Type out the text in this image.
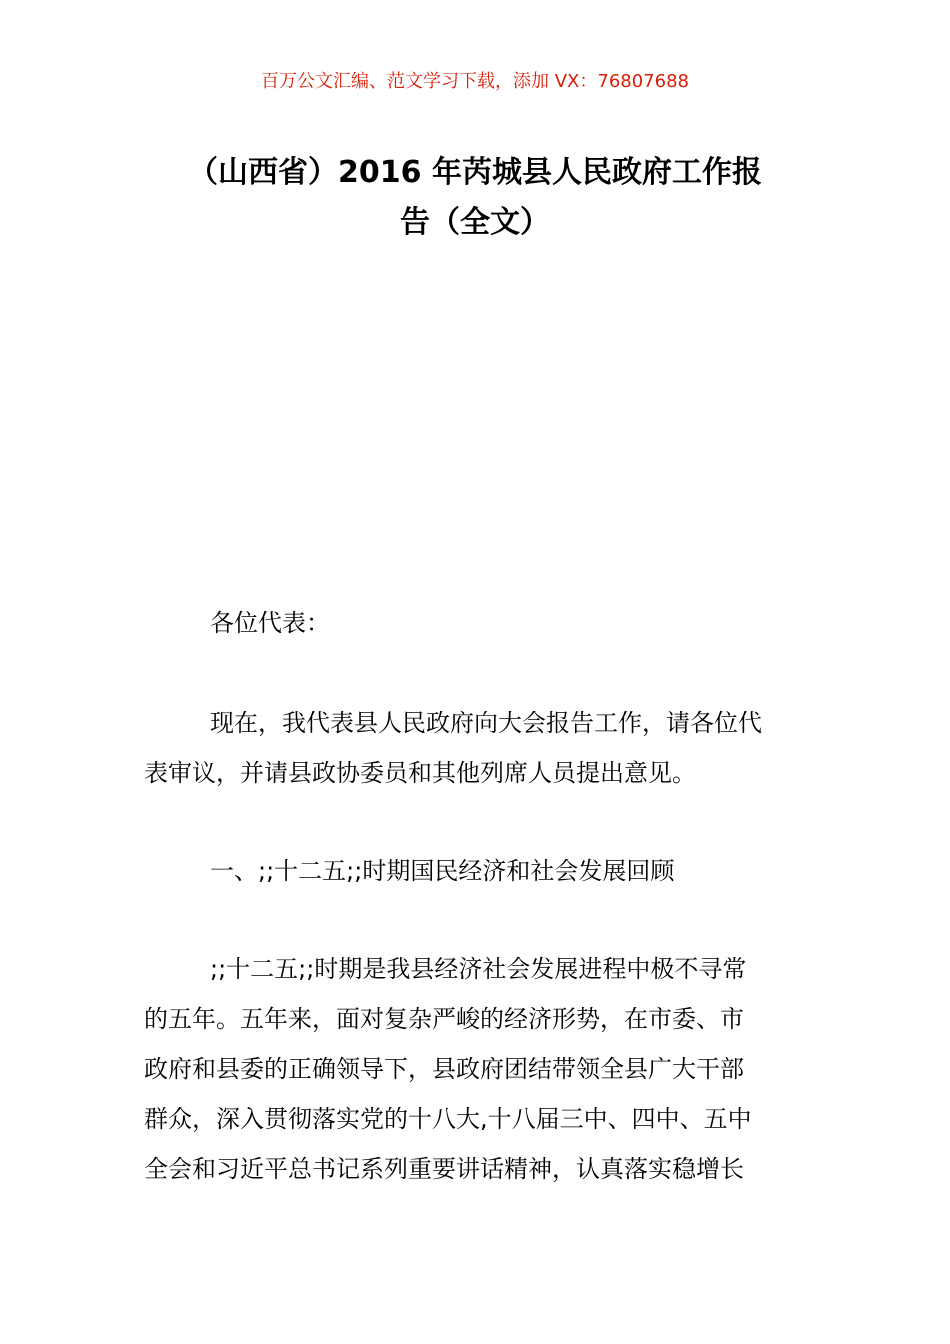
百万公文汇编、范文学习下载，添加 VX：76807688
（山西省）2016 年芮城县人民政府工作报
告（全文）
各位代表：
现在，我代表县人民政府向大会报告工作，请各位代
表审议，并请县政协委员和其他列席人员提出意见。
一、;;十二五;;时期国民经济和社会发展回顾
;;十二五;;时期是我县经济社会发展进程中极不寻常
的五年。五年来，面对复杂严峻的经济形势，在市委、市
政府和县委的正确领导下，县政府团结带领全县广大干部
群众，深入贯彻落实党的十八大,十八届三中、四中、五中
全会和习近平总书记系列重要讲话精神，认真落实稳增长
